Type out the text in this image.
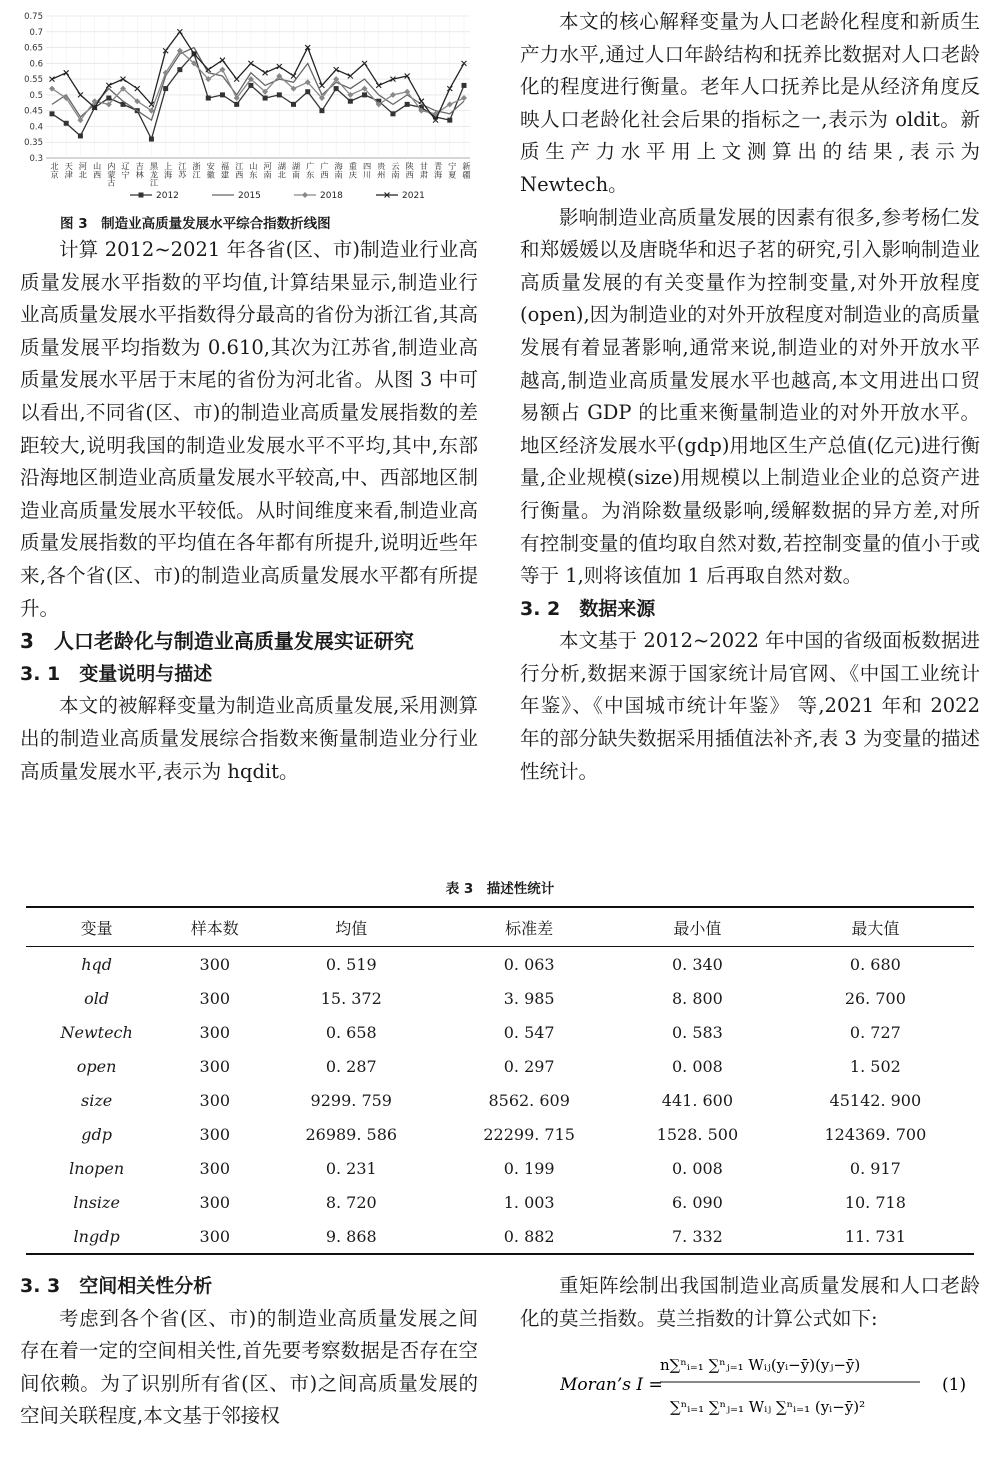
0.3
0.35
0.4
0.45
0.5
0.55
0.6
0.65
0.7
0.75
北京 天津 河北 山西 内蒙古 辽宁 吉林 黑龙江 上海 江苏 浙江 安徽 福建 江西 山东 河南 湖北 湖南 广东 广西 海南 重庆 四川 贵州 云南 陕西 甘肃 青海 宁夏 新疆
2012	2015	2018	2021
图 3　制造业高质量发展水平综合指数折线图

计算 2012~2021 年各省(区、市)制造业行业高质量发展水平指数的平均值,计算结果显示,制造业行业高质量发展水平指数得分最高的省份为浙江省,其高质量发展平均指数为 0.610,其次为江苏省,制造业高质量发展水平居于末尾的省份为河北省。从图 3 中可以看出,不同省(区、市)的制造业高质量发展指数的差距较大,说明我国的制造业发展水平不平均,其中,东部沿海地区制造业高质量发展水平较高,中、西部地区制造业高质量发展水平较低。从时间维度来看,制造业高质量发展指数的平均值在各年都有所提升,说明近些年来,各个省(区、市)的制造业高质量发展水平都有所提升。

3　人口老龄化与制造业高质量发展实证研究

3. 1　变量说明与描述

本文的被解释变量为制造业高质量发展,采用测算出的制造业高质量发展综合指数来衡量制造业分行业高质量发展水平,表示为 hqdit。

本文的核心解释变量为人口老龄化程度和新质生产力水平,通过人口年龄结构和抚养比数据对人口老龄化的程度进行衡量。老年人口抚养比是从经济角度反映人口老龄化社会后果的指标之一,表示为 oldit。新质生产力水平用上文测算出的结果,表示为 Newtech。

影响制造业高质量发展的因素有很多,参考杨仁发和郑媛媛以及唐晓华和迟子茗的研究,引入影响制造业高质量发展的有关变量作为控制变量,对外开放程度(open),因为制造业的对外开放程度对制造业的高质量发展有着显著影响,通常来说,制造业的对外开放水平越高,制造业高质量发展水平也越高,本文用进出口贸易额占 GDP 的比重来衡量制造业的对外开放水平。地区经济发展水平(gdp)用地区生产总值(亿元)进行衡量,企业规模(size)用规模以上制造业企业的总资产进行衡量。为消除数量级影响,缓解数据的异方差,对所有控制变量的值均取自然对数,若控制变量的值小于或等于 1,则将该值加 1 后再取自然对数。

3. 2　数据来源

本文基于 2012~2022 年中国的省级面板数据进行分析,数据来源于国家统计局官网、《中国工业统计年鉴》、《中国城市统计年鉴》 等,2021 年和 2022 年的部分缺失数据采用插值法补齐,表 3 为变量的描述性统计。

表 3　描述性统计
变量	样本数	均值	标准差	最小值	最大值
hqd	300	0. 519	0. 063	0. 340	0. 680
old	300	15. 372	3. 985	8. 800	26. 700
Newtech	300	0. 658	0. 547	0. 583	0. 727
open	300	0. 287	0. 297	0. 008	1. 502
size	300	9299. 759	8562. 609	441. 600	45142. 900
gdp	300	26989. 586	22299. 715	1528. 500	124369. 700
lnopen	300	0. 231	0. 199	0. 008	0. 917
lnsize	300	8. 720	1. 003	6. 090	10. 718
lngdp	300	9. 868	0. 882	7. 332	11. 731

3. 3　空间相关性分析

考虑到各个省(区、市)的制造业高质量发展之间存在着一定的空间相关性,首先要考察数据是否存在空间依赖。为了识别所有省(区、市)之间高质量发展的空间关联程度,本文基于邻接权

重矩阵绘制出我国制造业高质量发展和人口老龄化的莫兰指数。莫兰指数的计算公式如下:

Moran’s I =
n∑ⁿᵢ₌₁ ∑ⁿⱼ₌₁ Wᵢⱼ(yᵢ−ȳ)(yⱼ−ȳ)
∑ⁿᵢ₌₁ ∑ⁿⱼ₌₁ Wᵢⱼ ∑ⁿᵢ₌₁ (yᵢ−ȳ)²
(1)
